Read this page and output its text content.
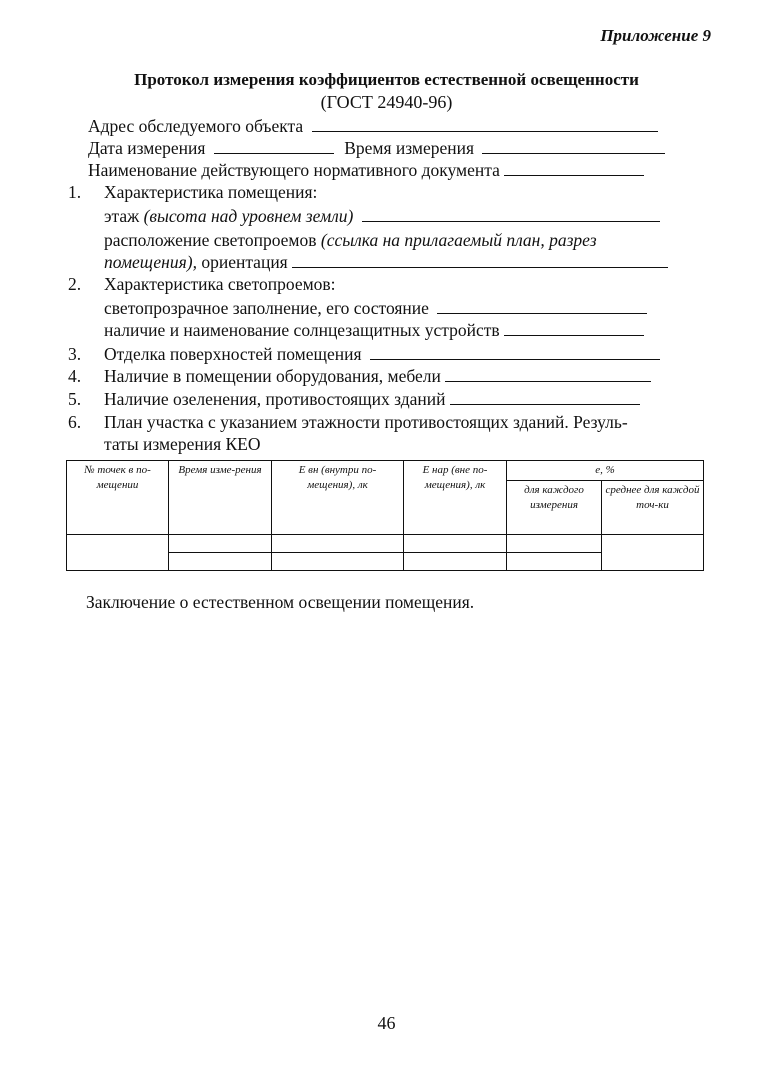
Приложение 9
Протокол измерения коэффициентов естественной освещенности
(ГОСТ 24940-96)
Адрес обследуемого объекта
Дата измерения	Время измерения
Наименование действующего нормативного документа
1. Характеристика помещения:
этаж (высота над уровнем земли)
расположение светопроемов (ссылка на прилагаемый план, разрез
помещения), ориентация
2. Характеристика светопроемов:
светопрозрачное заполнение, его состояние
наличие и наименование солнцезащитных устройств
3. Отделка поверхностей помещения
4. Наличие в помещении оборудования, мебели
5. Наличие озеленения, противостоящих зданий
6. План участка с указанием этажности противостоящих зданий. Резуль-
таты измерения КЕО
№ точек в по-мещении	Время изме-рения	Е вн (внутри по-мещения), лк	Е нар (вне по-мещения), лк	е, %	
				для каждого измерения	среднее для каждой точ-ки

Заключение о естественном освещении помещения.
46
